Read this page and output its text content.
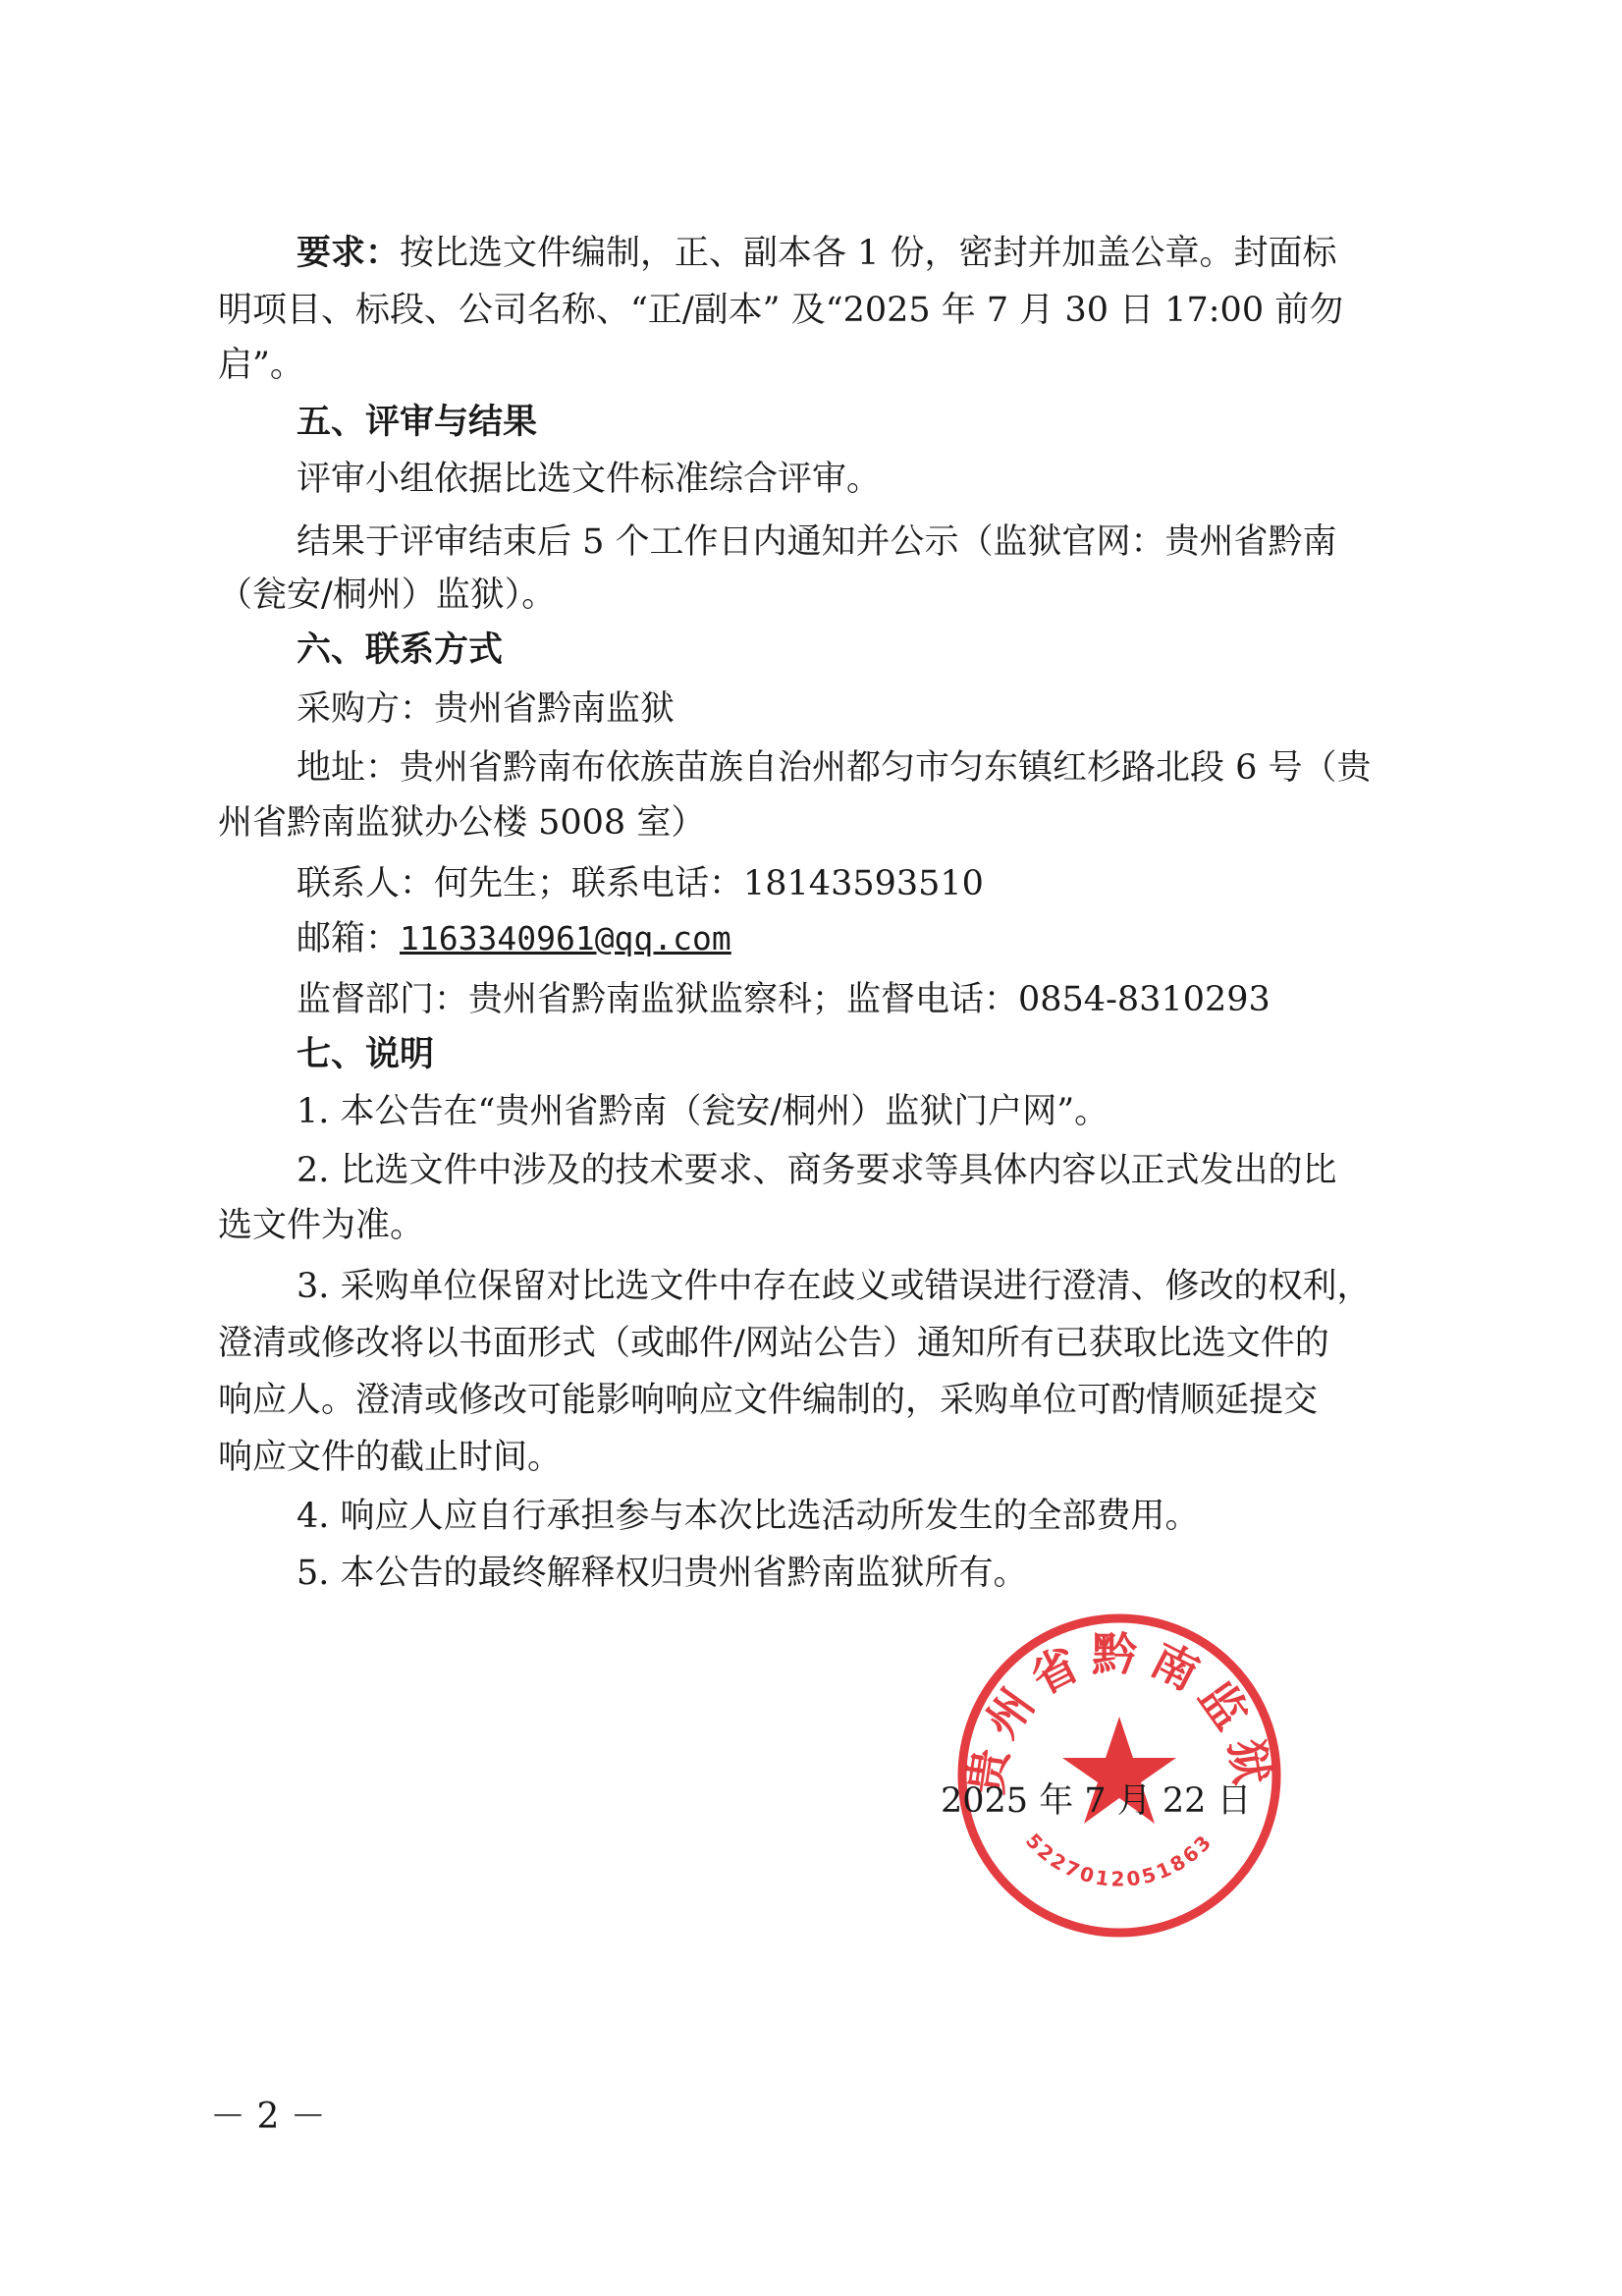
要求：按比选文件编制，正、副本各 1 份，密封并加盖公章。封面标
明项目、标段、公司名称、“正/副本” 及“2025 年 7 月 30 日 17:00 前勿
启”。
五、评审与结果
评审小组依据比选文件标准综合评审。
结果于评审结束后 5 个工作日内通知并公示（监狱官网：贵州省黔南
（瓮安/桐州）监狱）。
六、联系方式
采购方：贵州省黔南监狱
地址：贵州省黔南布依族苗族自治州都匀市匀东镇红杉路北段 6 号（贵
州省黔南监狱办公楼 5008 室）
联系人：何先生；联系电话：18143593510
邮箱：1163340961@qq.com
监督部门：贵州省黔南监狱监察科；监督电话：0854-8310293
七、说明
1. 本公告在“贵州省黔南（瓮安/桐州）监狱门户网”。
2. 比选文件中涉及的技术要求、商务要求等具体内容以正式发出的比
选文件为准。
3. 采购单位保留对比选文件中存在歧义或错误进行澄清、修改的权利，
澄清或修改将以书面形式（或邮件/网站公告）通知所有已获取比选文件的
响应人。澄清或修改可能影响响应文件编制的，采购单位可酌情顺延提交
响应文件的截止时间。
4. 响应人应自行承担参与本次比选活动所发生的全部费用。
5. 本公告的最终解释权归贵州省黔南监狱所有。
贵州省黔南监狱
5227012051863
2025 年 7 月 22 日
－ 2 －
